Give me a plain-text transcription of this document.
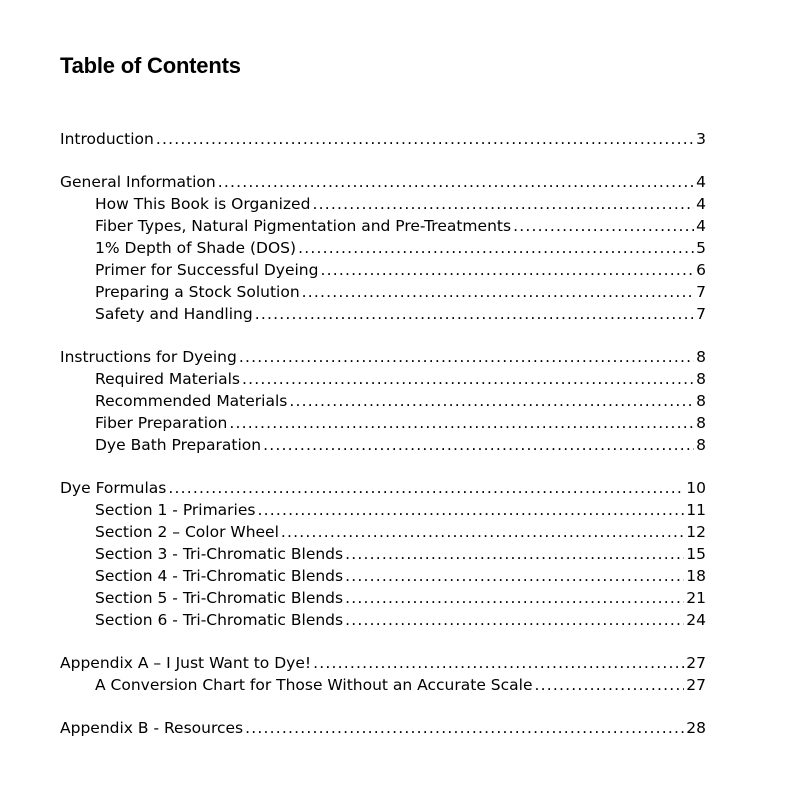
Table of Contents
Introduction .....	3
General Information .....	4
How This Book is Organized .....	4
Fiber Types, Natural Pigmentation and Pre-Treatments .....	4
1% Depth of Shade (DOS) .....	5
Primer for Successful Dyeing .....	6
Preparing a Stock Solution .....	7
Safety and Handling .....	7
Instructions for Dyeing .....	8
Required Materials .....	8
Recommended Materials .....	8
Fiber Preparation .....	8
Dye Bath Preparation .....	8
Dye Formulas .....	10
Section 1 - Primaries .....	11
Section 2 – Color Wheel .....	12
Section 3 - Tri-Chromatic Blends .....	15
Section 4 - Tri-Chromatic Blends .....	18
Section 5 - Tri-Chromatic Blends .....	21
Section 6 - Tri-Chromatic Blends .....	24
Appendix A – I Just Want to Dye! .....	27
A Conversion Chart for Those Without an Accurate Scale .....	27
Appendix B - Resources .....	28
